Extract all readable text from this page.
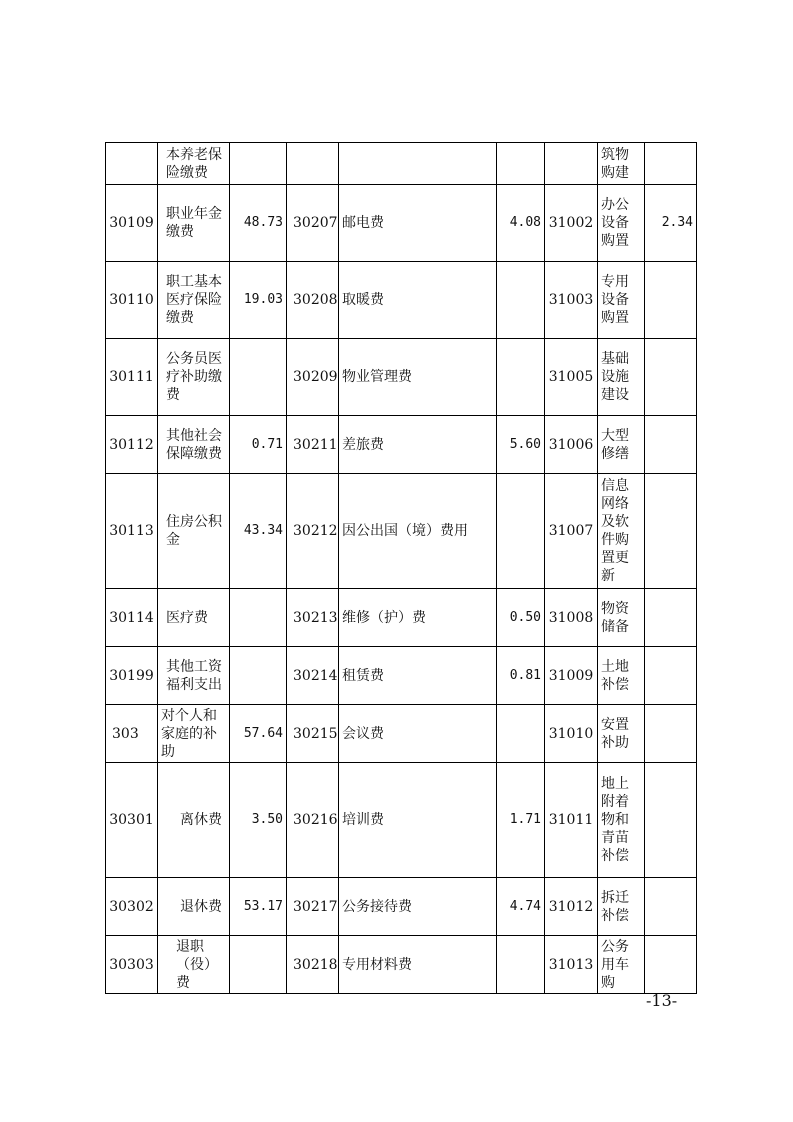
	本养老保险缴费						筑物购建	
30109	职业年金缴费	48.73	30207	邮电费	4.08	31002	办公设备购置	2.34
30110	职工基本医疗保险缴费	19.03	30208	取暖费		31003	专用设备购置	
30111	公务员医疗补助缴费		30209	物业管理费		31005	基础设施建设	
30112	其他社会保障缴费	0.71	30211	差旅费	5.60	31006	大型修缮	
30113	住房公积金	43.34	30212	因公出国（境）费用		31007	信息网络及软件购置更新	
30114	医疗费		30213	维修（护）费	0.50	31008	物资储备	
30199	其他工资福利支出		30214	租赁费	0.81	31009	土地补偿	
303	对个人和家庭的补助	57.64	30215	会议费		31010	安置补助	
30301	离休费	3.50	30216	培训费	1.71	31011	地上附着物和青苗补偿	
30302	退休费	53.17	30217	公务接待费	4.74	31012	拆迁补偿	
30303	退职（役）费		30218	专用材料费		31013	公务用车购	
-13-
